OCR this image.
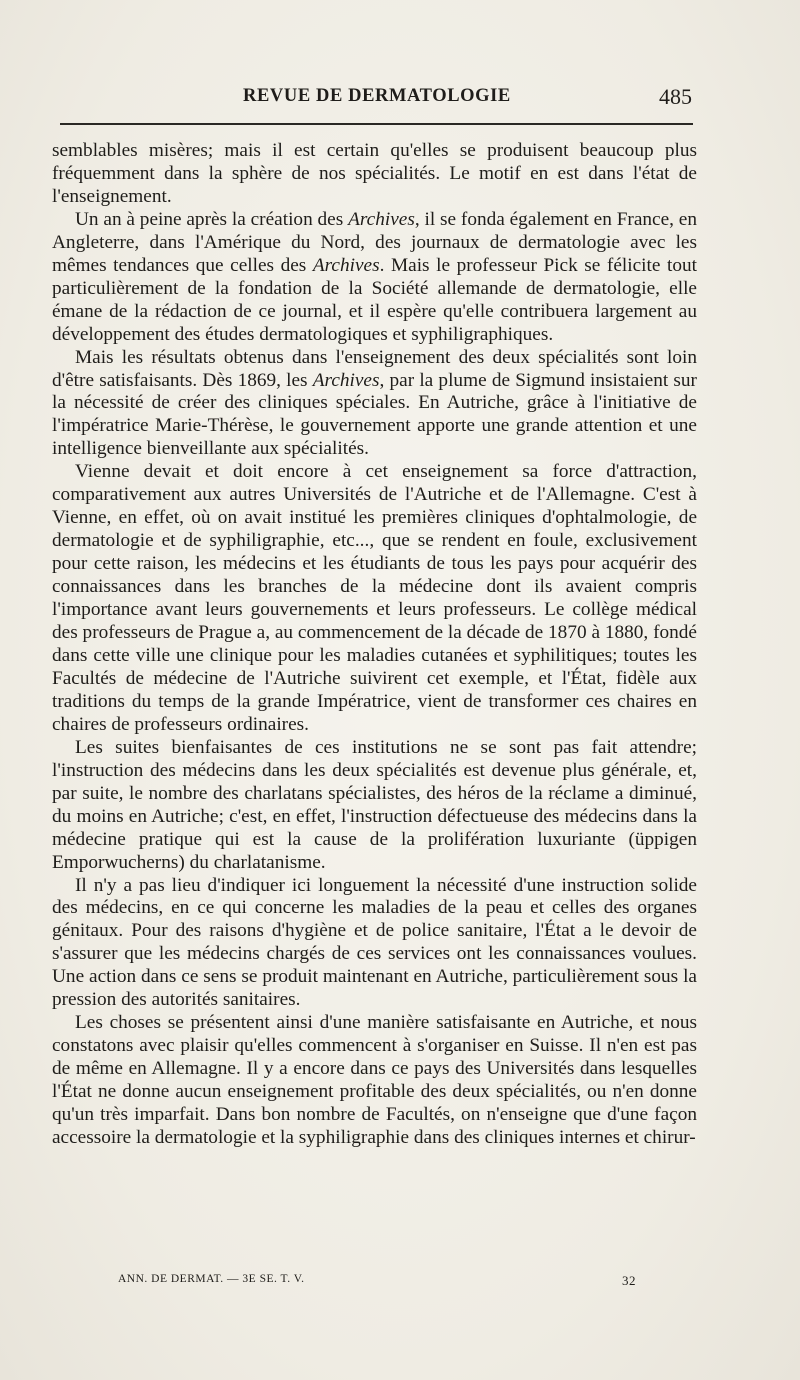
REVUE DE DERMATOLOGIE	485

semblables misères; mais il est certain qu'elles se produisent beaucoup plus fréquemment dans la sphère de nos spécialités. Le motif en est dans l'état de l'enseignement.

Un an à peine après la création des Archives, il se fonda également en France, en Angleterre, dans l'Amérique du Nord, des journaux de dermatologie avec les mêmes tendances que celles des Archives. Mais le professeur Pick se félicite tout particulièrement de la fondation de la Société allemande de dermatologie, elle émane de la rédaction de ce journal, et il espère qu'elle contribuera largement au développement des études dermatologiques et syphiligraphiques.

Mais les résultats obtenus dans l'enseignement des deux spécialités sont loin d'être satisfaisants. Dès 1869, les Archives, par la plume de Sigmund insistaient sur la nécessité de créer des cliniques spéciales. En Autriche, grâce à l'initiative de l'impératrice Marie-Thérèse, le gouvernement apporte une grande attention et une intelligence bienveillante aux spécialités.

Vienne devait et doit encore à cet enseignement sa force d'attraction, comparativement aux autres Universités de l'Autriche et de l'Allemagne. C'est à Vienne, en effet, où on avait institué les premières cliniques d'ophtalmologie, de dermatologie et de syphiligraphie, etc..., que se rendent en foule, exclusivement pour cette raison, les médecins et les étudiants de tous les pays pour acquérir des connaissances dans les branches de la médecine dont ils avaient compris l'importance avant leurs gouvernements et leurs professeurs. Le collège médical des professeurs de Prague a, au commencement de la décade de 1870 à 1880, fondé dans cette ville une clinique pour les maladies cutanées et syphilitiques; toutes les Facultés de médecine de l'Autriche suivirent cet exemple, et l'État, fidèle aux traditions du temps de la grande Impératrice, vient de transformer ces chaires en chaires de professeurs ordinaires.

Les suites bienfaisantes de ces institutions ne se sont pas fait attendre; l'instruction des médecins dans les deux spécialités est devenue plus générale, et, par suite, le nombre des charlatans spécialistes, des héros de la réclame a diminué, du moins en Autriche; c'est, en effet, l'instruction défectueuse des médecins dans la médecine pratique qui est la cause de la prolifération luxuriante (üppigen Emporwucherns) du charlatanisme.

Il n'y a pas lieu d'indiquer ici longuement la nécessité d'une instruction solide des médecins, en ce qui concerne les maladies de la peau et celles des organes génitaux. Pour des raisons d'hygiène et de police sanitaire, l'État a le devoir de s'assurer que les médecins chargés de ces services ont les connaissances voulues. Une action dans ce sens se produit maintenant en Autriche, particulièrement sous la pression des autorités sanitaires.

Les choses se présentent ainsi d'une manière satisfaisante en Autriche, et nous constatons avec plaisir qu'elles commencent à s'organiser en Suisse. Il n'en est pas de même en Allemagne. Il y a encore dans ce pays des Universités dans lesquelles l'État ne donne aucun enseignement profitable des deux spécialités, ou n'en donne qu'un très imparfait. Dans bon nombre de Facultés, on n'enseigne que d'une façon accessoire la dermatologie et la syphiligraphie dans des cliniques internes et chirur-

ANN. DE DERMAT. — 3E SE. T. V.	32
